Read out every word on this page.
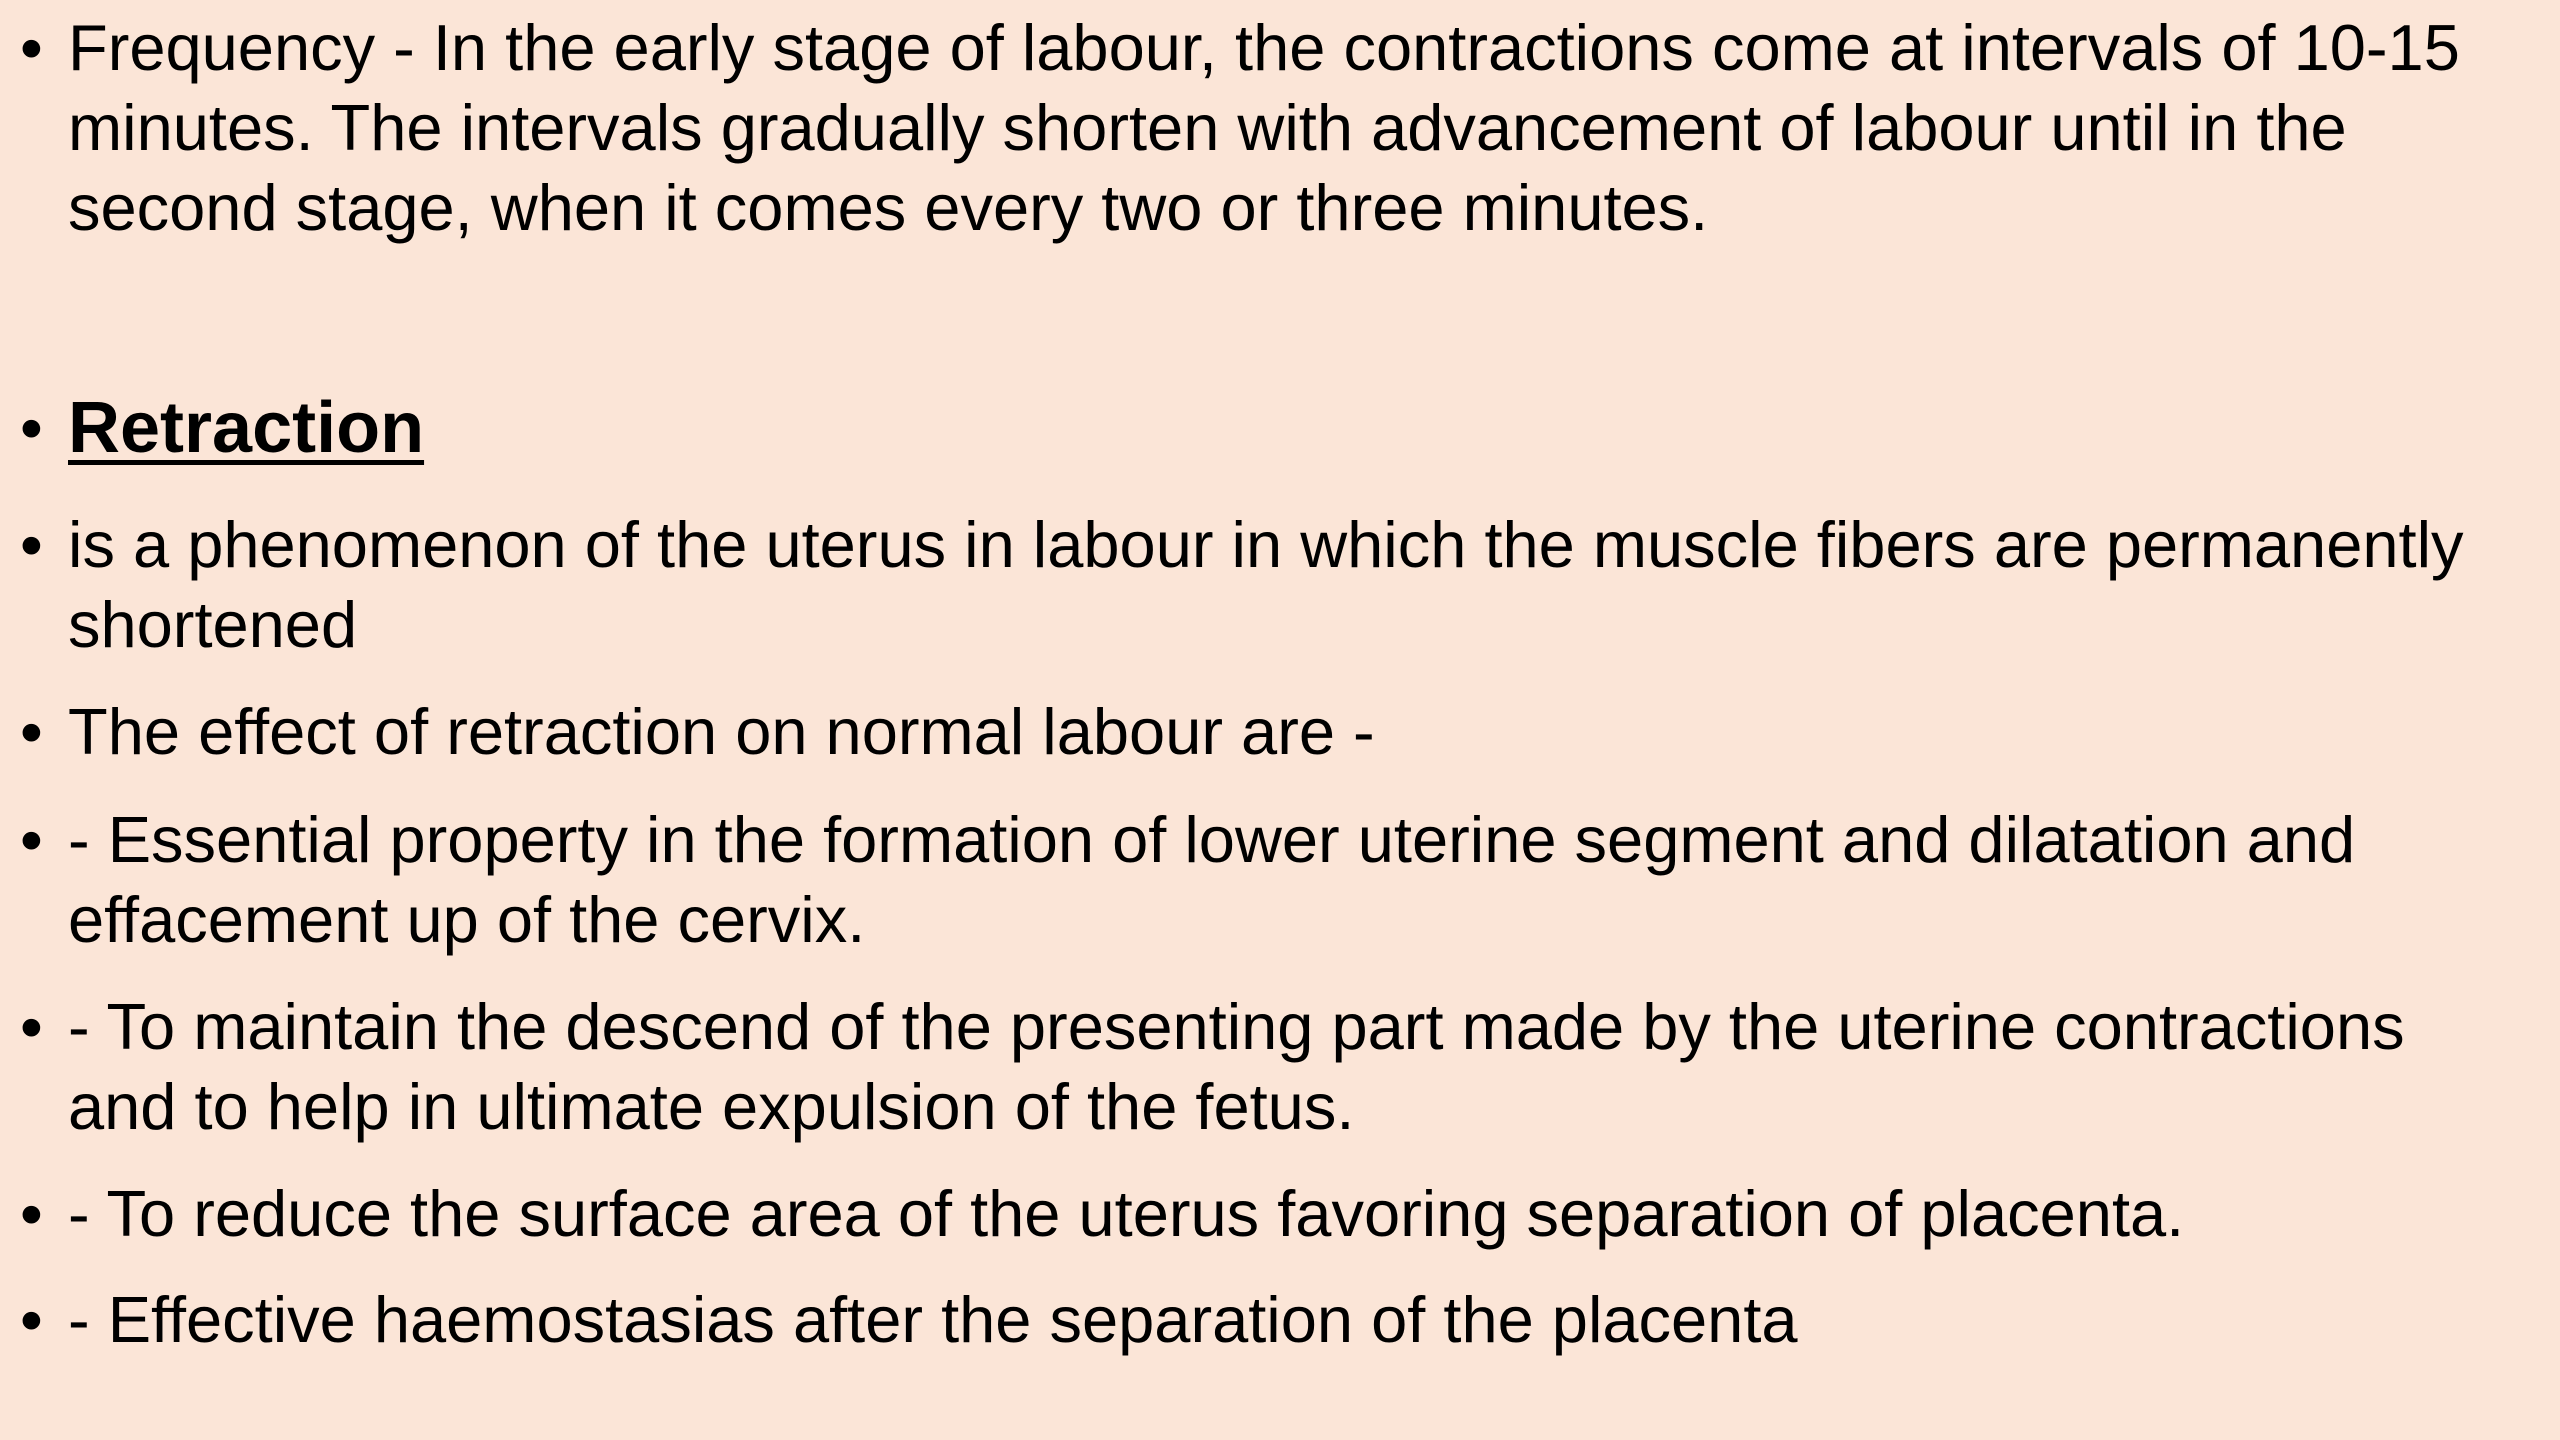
• Frequency - In the early stage of labour, the contractions come at intervals of 10-15 minutes. The intervals gradually shorten with advancement of labour until in the second stage, when it comes every two or three minutes.
• Retraction
• is a phenomenon of the uterus in labour in which the muscle fibers are permanently shortened
• The effect of retraction on normal labour are -
• - Essential property in the formation of lower uterine segment and dilatation and effacement up of the cervix.
• - To maintain the descend of the presenting part made by the uterine contractions and to help in ultimate expulsion of the fetus.
• - To reduce the surface area of the uterus favoring separation of placenta.
• - Effective haemostasias after the separation of the placenta
